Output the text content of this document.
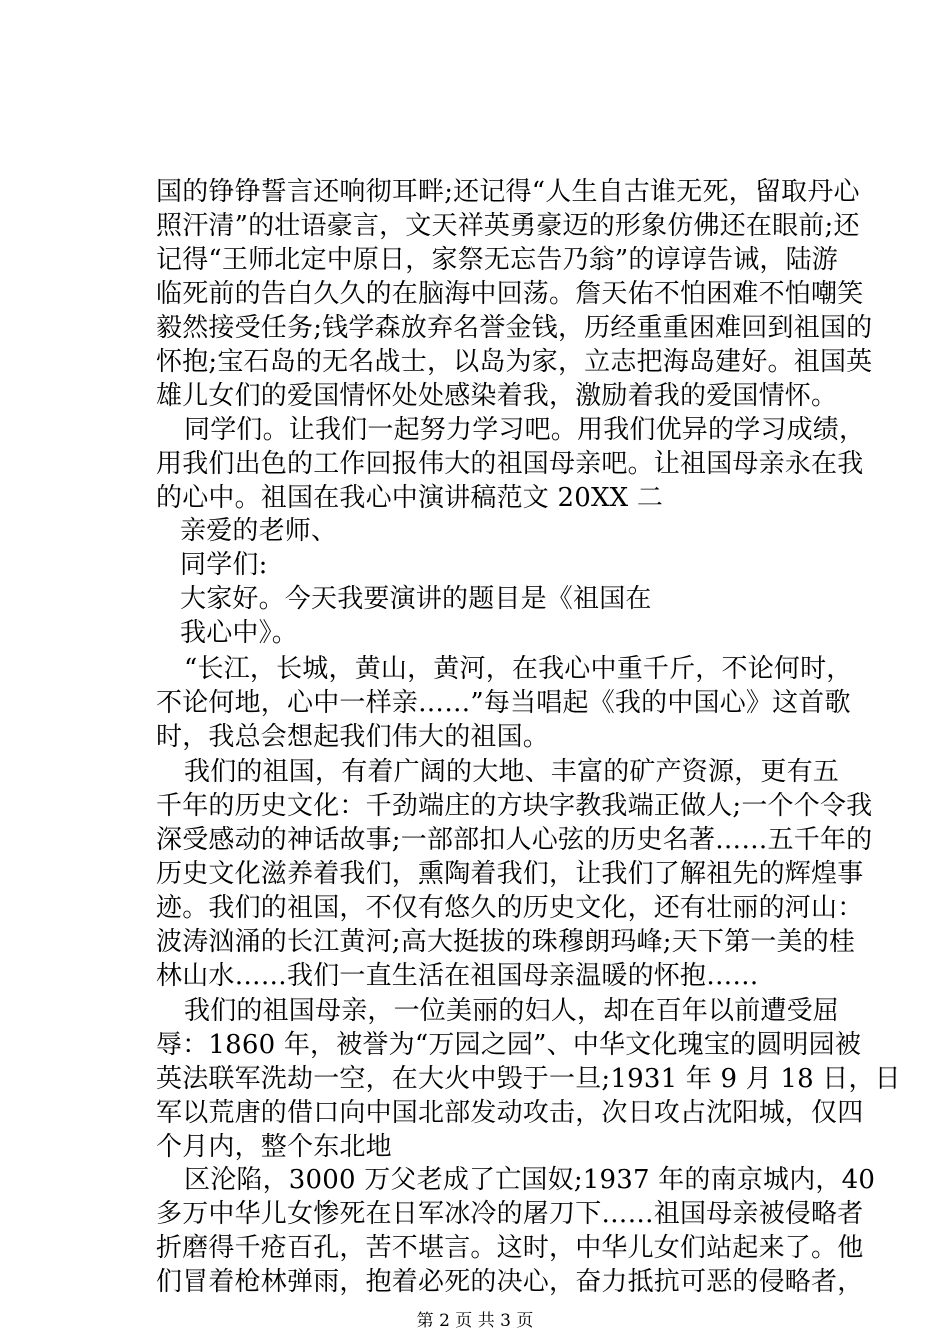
国的铮铮誓言还响彻耳畔;还记得“人生自古谁无死，留取丹心
照汗清”的壮语豪言，文天祥英勇豪迈的形象仿佛还在眼前;还
记得“王师北定中原日，家祭无忘告乃翁”的谆谆告诫，陆游
临死前的告白久久的在脑海中回荡。詹天佑不怕困难不怕嘲笑
毅然接受任务;钱学森放弃名誉金钱，历经重重困难回到祖国的
怀抱;宝石岛的无名战士，以岛为家，立志把海岛建好。祖国英
雄儿女们的爱国情怀处处感染着我，激励着我的爱国情怀。
同学们。让我们一起努力学习吧。用我们优异的学习成绩，
用我们出色的工作回报伟大的祖国母亲吧。让祖国母亲永在我
的心中。祖国在我心中演讲稿范文 20XX 二
亲爱的老师、
同学们:
大家好。今天我要演讲的题目是《祖国在
我心中》。
“长江，长城，黄山，黄河，在我心中重千斤，不论何时，
不论何地，心中一样亲……”每当唱起《我的中国心》这首歌
时，我总会想起我们伟大的祖国。
我们的祖国，有着广阔的大地、丰富的矿产资源，更有五
千年的历史文化：千劲端庄的方块字教我端正做人;一个个令我
深受感动的神话故事;一部部扣人心弦的历史名著……五千年的
历史文化滋养着我们，熏陶着我们，让我们了解祖先的辉煌事
迹。我们的祖国，不仅有悠久的历史文化，还有壮丽的河山：
波涛汹涌的长江黄河;高大挺拔的珠穆朗玛峰;天下第一美的桂
林山水……我们一直生活在祖国母亲温暖的怀抱……
我们的祖国母亲，一位美丽的妇人，却在百年以前遭受屈
辱：1860 年，被誉为“万园之园”、中华文化瑰宝的圆明园被
英法联军洗劫一空，在大火中毁于一旦;1931 年 9 月 18 日，日
军以荒唐的借口向中国北部发动攻击，次日攻占沈阳城，仅四
个月内，整个东北地
区沦陷，3000 万父老成了亡国奴;1937 年的南京城内，40
多万中华儿女惨死在日军冰冷的屠刀下……祖国母亲被侵略者
折磨得千疮百孔，苦不堪言。这时，中华儿女们站起来了。他
们冒着枪林弹雨，抱着必死的决心，奋力抵抗可恶的侵略者，
第 2 页 共 3 页
